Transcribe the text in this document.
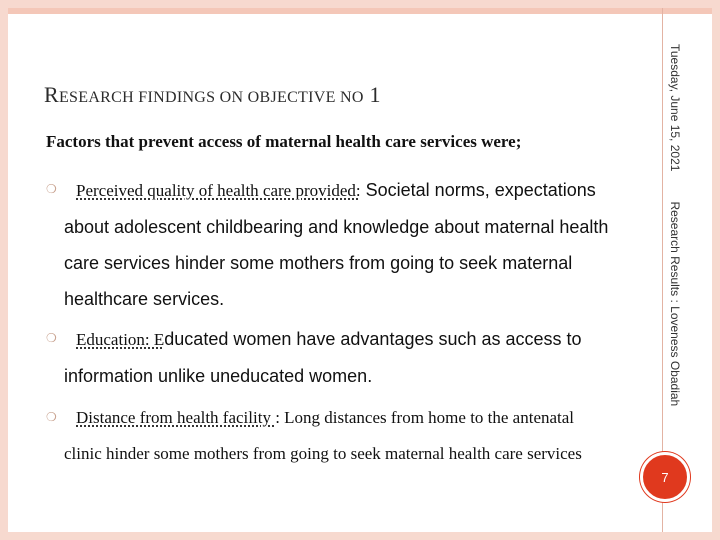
RESEARCH FINDINGS ON OBJECTIVE NO 1
Factors that prevent access of maternal health care services were;
❍	Perceived quality of health care provided: Societal norms, expectations about adolescent childbearing and knowledge about maternal health care services hinder some mothers from going to seek maternal healthcare services.
❍	Education: Educated women have advantages such as access to information unlike uneducated women.
❍	Distance from health facility : Long distances from home to the antenatal clinic hinder some mothers from going to seek maternal health care services
Tuesday, June 15, 2021Research Results : Loveness Obadiah
7
